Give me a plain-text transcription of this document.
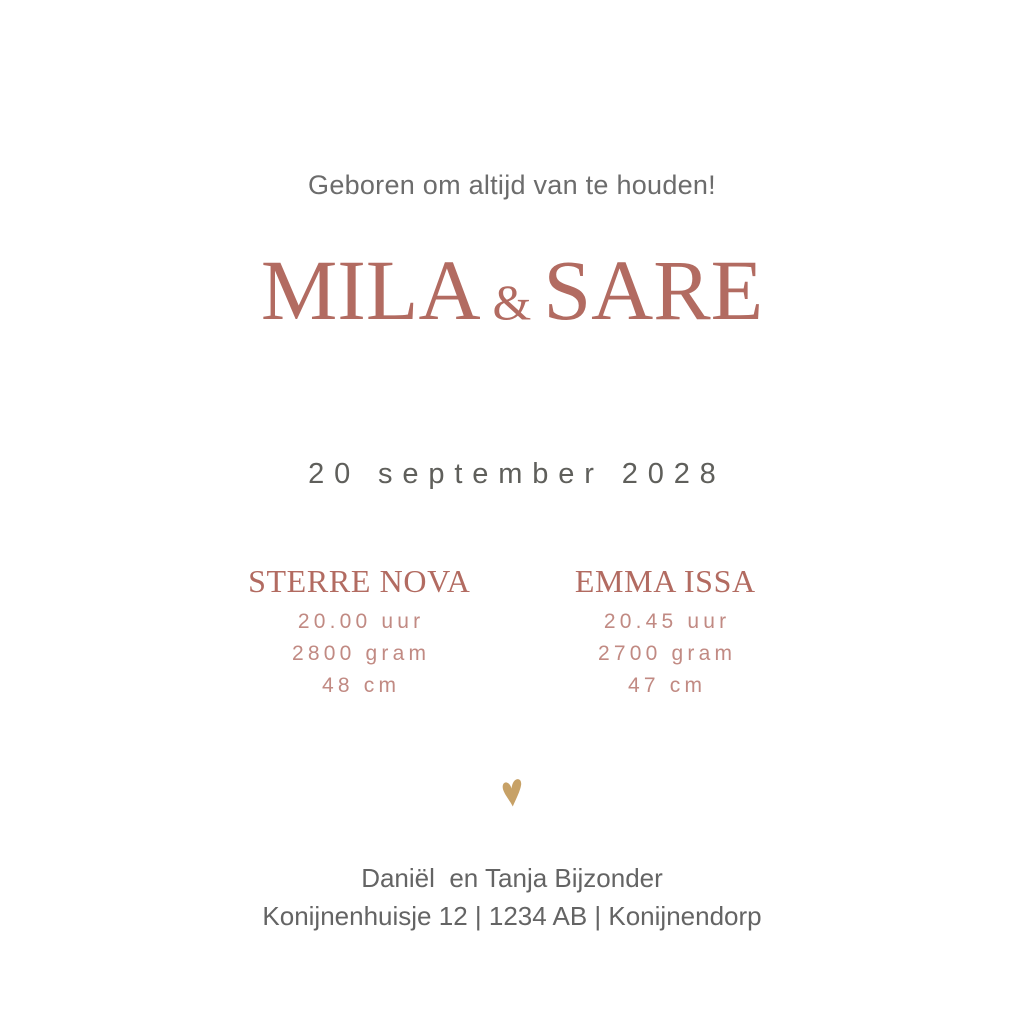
Geboren om altijd van te houden!
MILA & SARE
20 september 2028
STERRE NOVA
20.00 uur
2800 gram
48 cm
EMMA ISSA
20.45 uur
2700 gram
47 cm
Daniël  en Tanja Bijzonder
Konijnenhuisje 12 | 1234 AB | Konijnendorp
